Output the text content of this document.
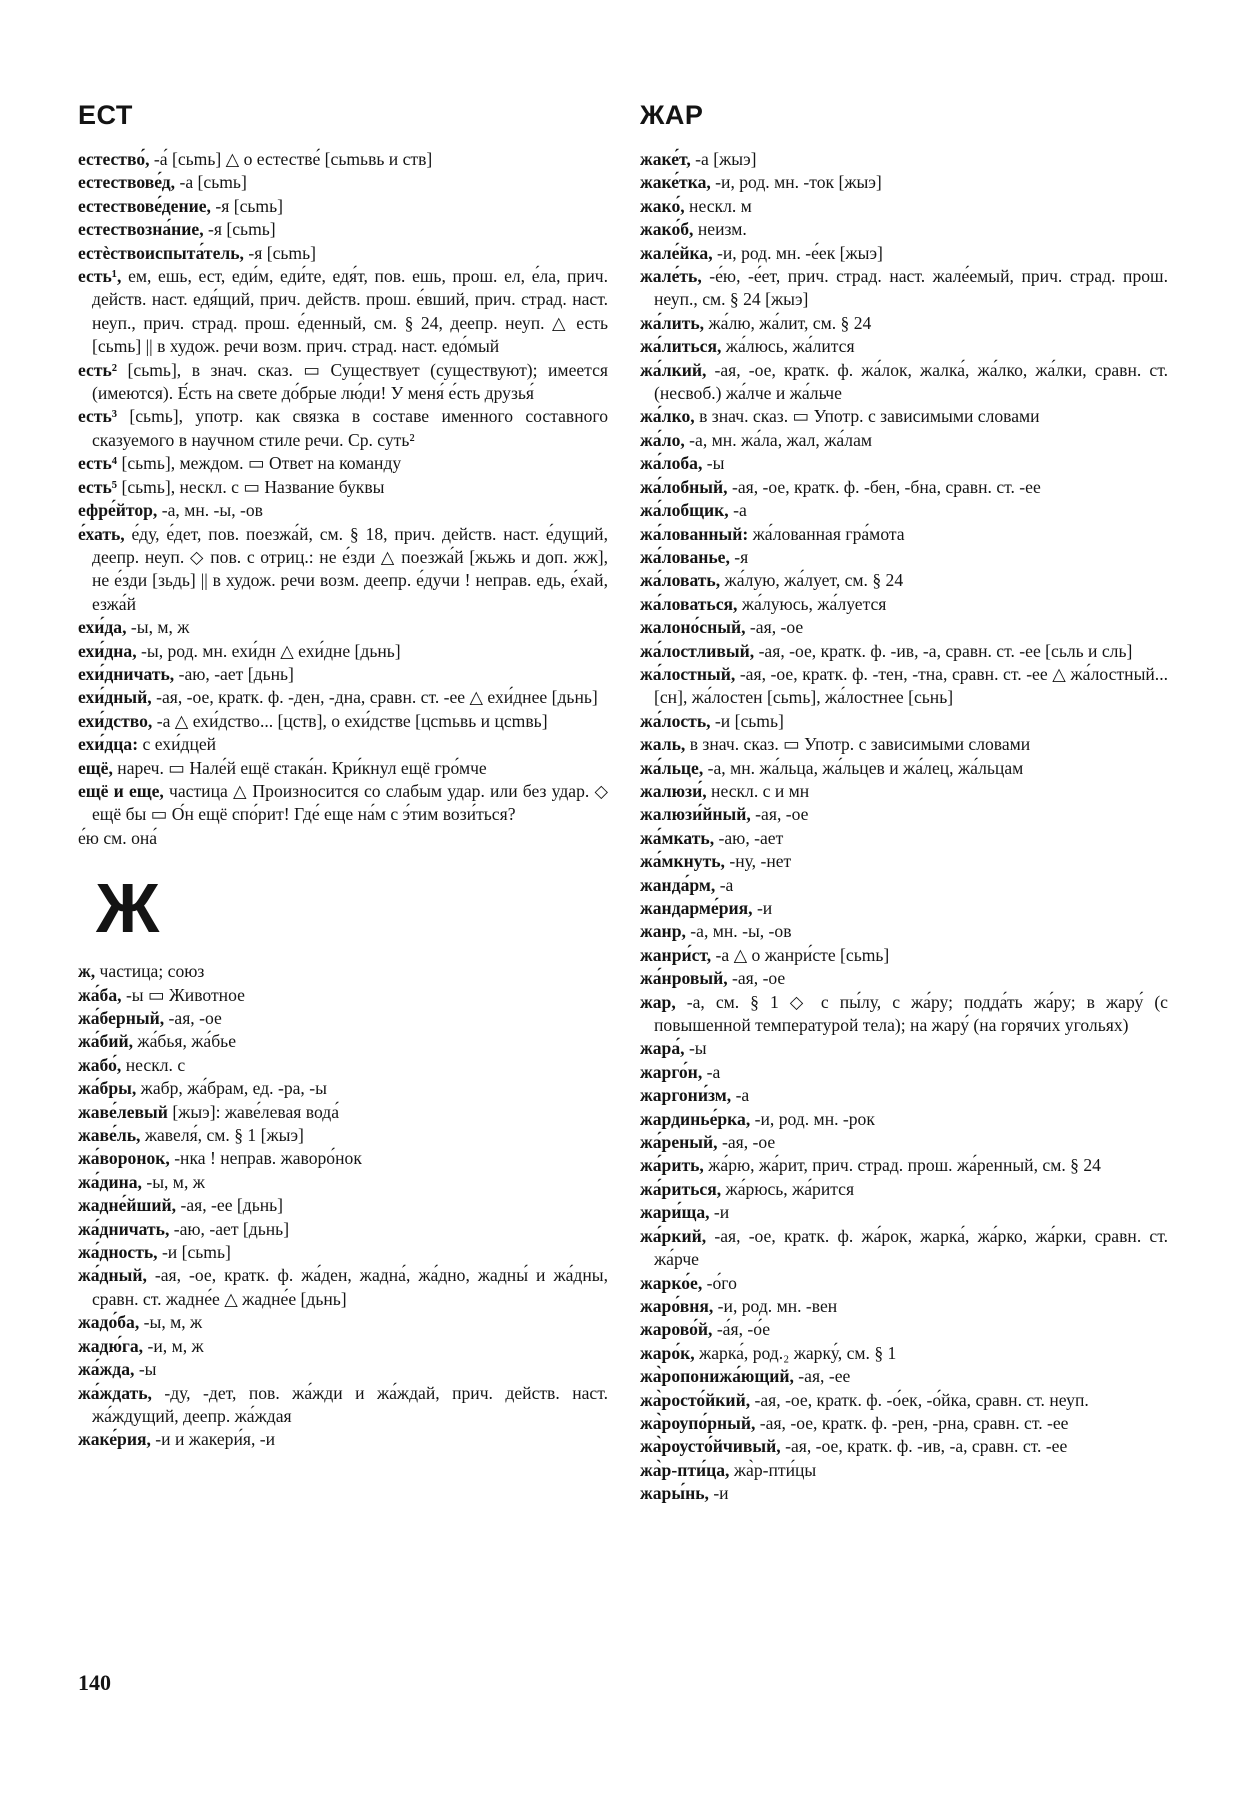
ЕСТ	ЖАР
естество́, -а́ [cьmь] △ о естестве́ [cьmьвь и ств]
естествове́д, -а [cьmь]
естествове́дение, -я [cьmь]
естествозна́ние, -я [cьmь]
естѐствоиспыта́тель, -я [cьmь]
есть¹, ем, ешь, ест, еди́м, еди́те, едя́т, пов. ешь, прош. ел, е́ла, прич. действ. наст. едя́щий, прич. действ. прош. е́вший, прич. страд. наст. неуп., прич. страд. прош. е́денный, см. § 24, деепр. неуп. △ есть [cьmь] || в худож. речи возм. прич. страд. наст. едо́мый
есть² [cьmь], в знач. сказ. ▭ Существует (существуют); имеется (имеются). Е́сть на свете до́брые лю́ди! У меня́ е́сть друзья́
есть³ [cьmь], употр. как связка в составе именного составного сказуемого в научном стиле речи. Ср. суть²
есть⁴ [cьmь], междом. ▭ Ответ на команду
есть⁵ [cьmь], нескл. с ▭ Название буквы
ефре́йтор, -а, мн. -ы, -ов
е́хать, е́ду, е́дет, пов. поезжа́й, см. § 18, прич. действ. наст. е́дущий, деепр. неуп. ◇ пов. с отриц.: не е́зди △ поезжа́й [жьжь и доп. жж], не е́зди [зьдь] || в худож. речи возм. деепр. е́дучи ! неправ. едь, е́хай, езжа́й
ехи́да, -ы, м, ж
ехи́дна, -ы, род. мн. ехи́дн △ ехи́дне [дьнь]
ехи́дничать, -аю, -ает [дьнь]
ехи́дный, -ая, -ое, кратк. ф. -ден, -дна, сравн. ст. -ее △ ехи́днее [дьнь]
ехи́дство, -а △ ехи́дство... [цств], о ехи́дстве [цсmьвь и цсmвь]
ехи́дца: с ехи́дцей
ещё, нареч. ▭ Нале́й ещё стака́н. Кри́кнул ещё гро́мче
ещё и еще, частица △ Произносится со слабым удар. или без удар. ◇ ещё бы ▭ О́н ещё спо́рит! Где́ еще на́м с э́тим вози́ться?
е́ю см. она́
Ж
ж, частица; союз
жа́ба, -ы ▭ Животное
жа́берный, -ая, -ое
жа́бий, жа́бья, жа́бье
жабо́, нескл. с
жа́бры, жабр, жа́брам, ед. -ра, -ы
жаве́левый [жыэ]: жаве́левая вода́
жаве́ль, жавеля́, см. § 1 [жыэ]
жа́воронок, -нка ! неправ. жаворо́нок
жа́дина, -ы, м, ж
жадне́йший, -ая, -ее [дьнь]
жа́дничать, -аю, -ает [дьнь]
жа́дность, -и [cьmь]
жа́дный, -ая, -ое, кратк. ф. жа́ден, жадна́, жа́дно, жадны́ и жа́дны, сравн. ст. жадне́е △ жадне́е [дьнь]
жадо́ба, -ы, м, ж
жадю́га, -и, м, ж
жа́жда, -ы
жа́ждать, -ду, -дет, пов. жа́жди и жа́ждай, прич. действ. наст. жа́ждущий, деепр. жа́ждая
жаке́рия, -и и жакери́я, -и
жаке́т, -а [жыэ]
жаке́тка, -и, род. мн. -ток [жыэ]
жако́, нескл. м
жако́б, неизм.
жале́йка, -и, род. мн. -е́ек [жыэ]
жале́ть, -е́ю, -е́ет, прич. страд. наст. жале́емый, прич. страд. прош. неуп., см. § 24 [жыэ]
жа́лить, жа́лю, жа́лит, см. § 24
жа́литься, жа́люсь, жа́лится
жа́лкий, -ая, -ое, кратк. ф. жа́лок, жалка́, жа́лко, жа́лки, сравн. ст. (несвоб.) жа́лче и жа́льче
жа́лко, в знач. сказ. ▭ Употр. с зависимыми словами
жа́ло, -а, мн. жа́ла, жал, жа́лам
жа́лоба, -ы
жа́лобный, -ая, -ое, кратк. ф. -бен, -бна, сравн. ст. -ее
жа́лобщик, -а
жа́лованный: жа́лованная гра́мота
жа́лованье, -я
жа́ловать, жа́лую, жа́лует, см. § 24
жа́ловаться, жа́луюсь, жа́луется
жалоно́сный, -ая, -ое
жа́лостливый, -ая, -ое, кратк. ф. -ив, -а, сравн. ст. -ее [сьль и сль]
жа́лостный, -ая, -ое, кратк. ф. -тен, -тна, сравн. ст. -ее △ жа́лостный... [сн], жа́лостен [cьmь], жа́лостнее [cьнь]
жа́лость, -и [cьmь]
жаль, в знач. сказ. ▭ Употр. с зависимыми словами
жа́льце, -а, мн. жа́льца, жа́льцев и жа́лец, жа́льцам
жалюзи́, нескл. с и мн
жалюзи́йный, -ая, -ое
жа́мкать, -аю, -ает
жа́мкнуть, -ну, -нет
жанда́рм, -а
жандарме́рия, -и
жанр, -а, мн. -ы, -ов
жанри́ст, -а △ о жанри́сте [cьmь]
жа́нровый, -ая, -ое
жар, -а, см. § 1 ◇ с пы́лу, с жа́ру; подда́ть жа́ру; в жару́ (с повышенной температурой тела); на жару́ (на горячих угольях)
жара́, -ы
жарго́н, -а
жаргони́зм, -а
жардинье́рка, -и, род. мн. -рок
жа́реный, -ая, -ое
жа́рить, жа́рю, жа́рит, прич. страд. прош. жа́ренный, см. § 24
жа́риться, жа́рюсь, жа́рится
жари́ща, -и
жа́ркий, -ая, -ое, кратк. ф. жа́рок, жарка́, жа́рко, жа́рки, сравн. ст. жа́рче
жарко́е, -о́го
жаро́вня, -и, род. мн. -вен
жарово́й, -а́я, -о́е
жаро́к, жарка́, род.₂ жарку́, см. § 1
жа̀ропонижа́ющий, -ая, -ее
жа̀росто́йкий, -ая, -ое, кратк. ф. -о́ек, -о́йка, сравн. ст. неуп.
жа̀роупо́рный, -ая, -ое, кратк. ф. -рен, -рна, сравн. ст. -ее
жа̀роусто́йчивый, -ая, -ое, кратк. ф. -ив, -а, сравн. ст. -ее
жа̀р-пти́ца, жа̀р-пти́цы
жары́нь, -и
140
